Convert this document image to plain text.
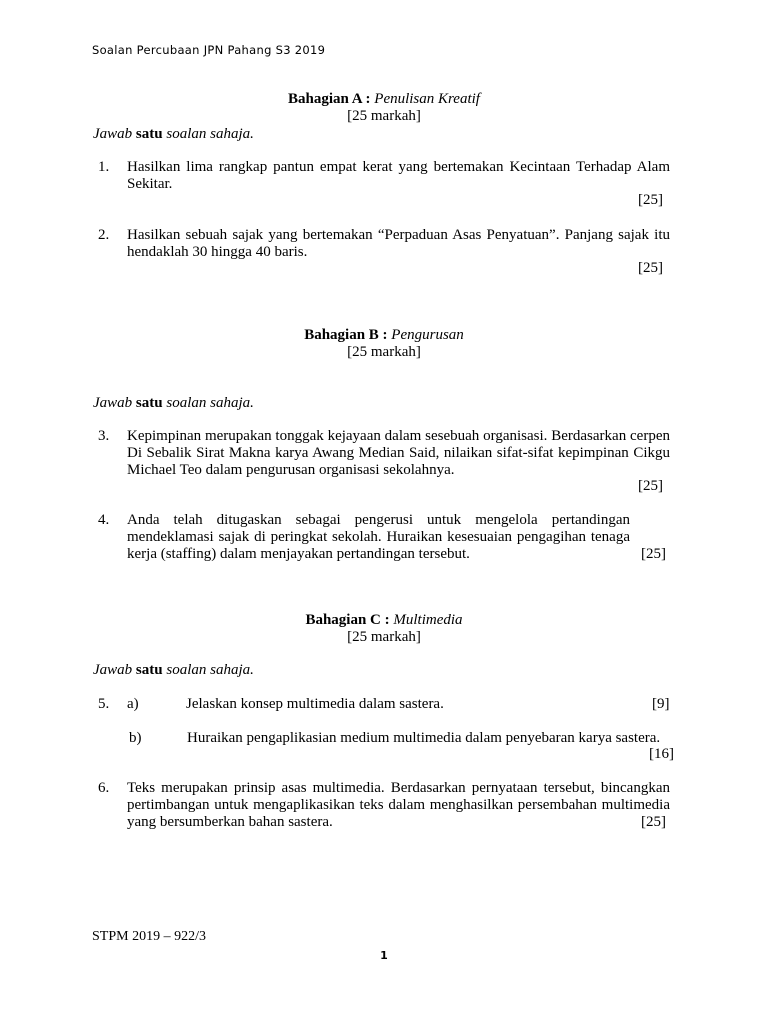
Soalan Percubaan JPN Pahang S3 2019
Bahagian A : Penulisan Kreatif
[25 markah]
Jawab satu soalan sahaja.
1. Hasilkan lima rangkap pantun empat kerat yang bertemakan Kecintaan Terhadap Alam Sekitar.
[25]
2. Hasilkan sebuah sajak yang bertemakan “Perpaduan Asas Penyatuan”. Panjang sajak itu hendaklah 30 hingga 40 baris.
[25]
Bahagian B : Pengurusan
[25 markah]
Jawab satu soalan sahaja.
3. Kepimpinan merupakan tonggak kejayaan dalam sesebuah organisasi. Berdasarkan cerpen Di Sebalik Sirat Makna karya Awang Median Said, nilaikan sifat-sifat kepimpinan Cikgu Michael Teo dalam pengurusan organisasi sekolahnya.
[25]
4. Anda telah ditugaskan sebagai pengerusi untuk mengelola pertandingan mendeklamasi sajak di peringkat sekolah. Huraikan kesesuaian pengagihan tenaga kerja (staffing) dalam menjayakan pertandingan tersebut.	[25]
Bahagian C : Multimedia
[25 markah]
Jawab satu soalan sahaja.
5. a)	Jelaskan konsep multimedia dalam sastera.	[9]
b)	Huraikan pengaplikasian medium multimedia dalam penyebaran karya sastera.
[16]
6. Teks merupakan prinsip asas multimedia. Berdasarkan pernyataan tersebut, bincangkan pertimbangan untuk mengaplikasikan teks dalam menghasilkan persembahan multimedia yang bersumberkan bahan sastera.	[25]
STPM 2019 – 922/3
1
